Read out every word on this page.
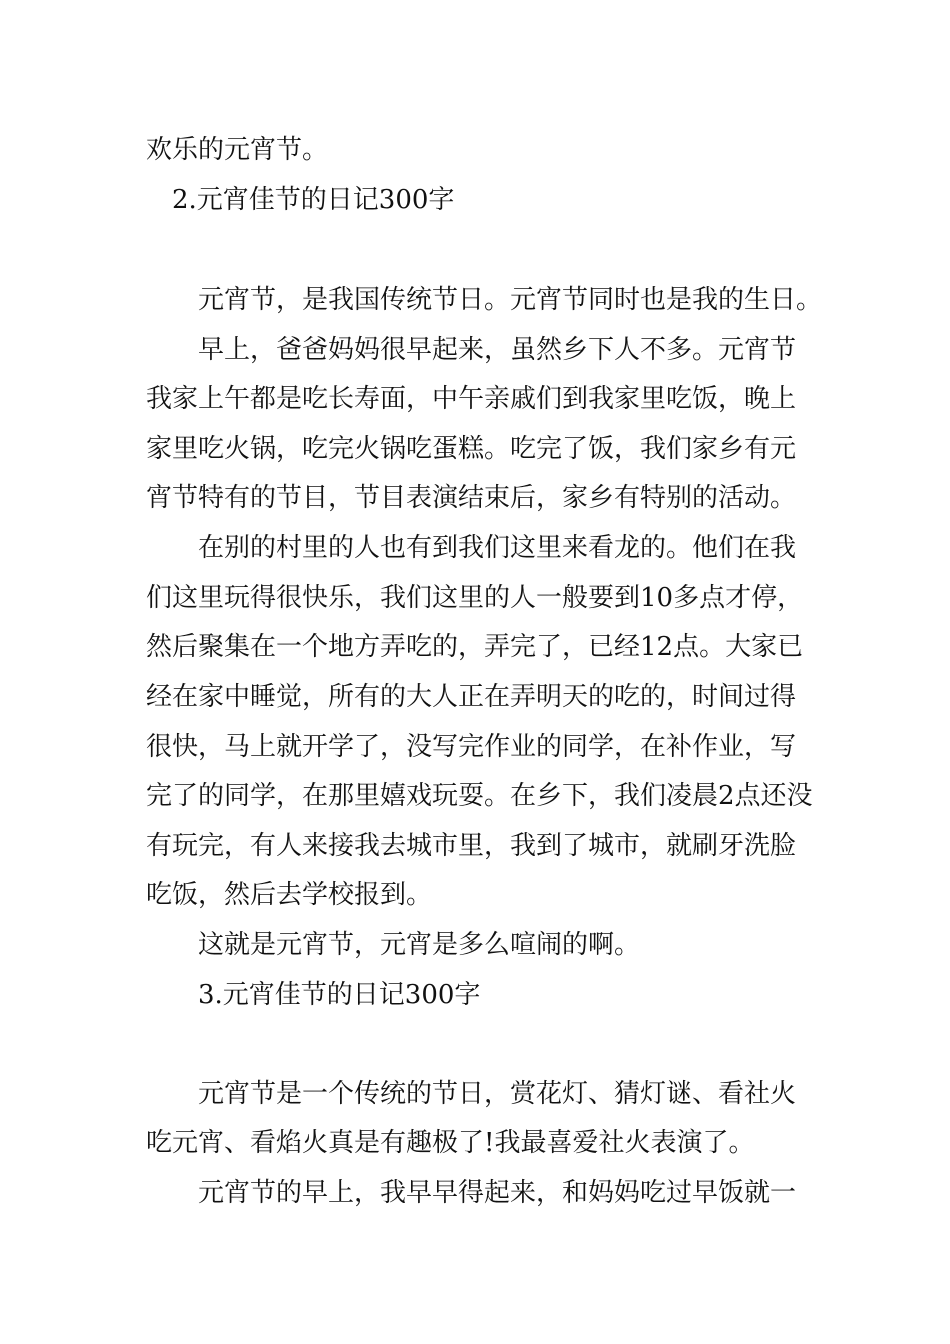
欢乐的元宵节。

2.元宵佳节的日记300字

元宵节，是我国传统节日。元宵节同时也是我的生日。

早上，爸爸妈妈很早起来，虽然乡下人不多。元宵节

我家上午都是吃长寿面，中午亲戚们到我家里吃饭，晚上

家里吃火锅，吃完火锅吃蛋糕。吃完了饭，我们家乡有元

宵节特有的节目，节目表演结束后，家乡有特别的活动。

在别的村里的人也有到我们这里来看龙的。他们在我

们这里玩得很快乐，我们这里的人一般要到10多点才停，

然后聚集在一个地方弄吃的，弄完了，已经12点。大家已

经在家中睡觉，所有的大人正在弄明天的吃的，时间过得

很快，马上就开学了，没写完作业的同学，在补作业，写

完了的同学，在那里嬉戏玩耍。在乡下，我们凌晨2点还没

有玩完，有人来接我去城市里，我到了城市，就刷牙洗脸

吃饭，然后去学校报到。

这就是元宵节，元宵是多么喧闹的啊。

3.元宵佳节的日记300字

元宵节是一个传统的节日，赏花灯、猜灯谜、看社火

吃元宵、看焰火真是有趣极了!我最喜爱社火表演了。

元宵节的早上，我早早得起来，和妈妈吃过早饭就一
